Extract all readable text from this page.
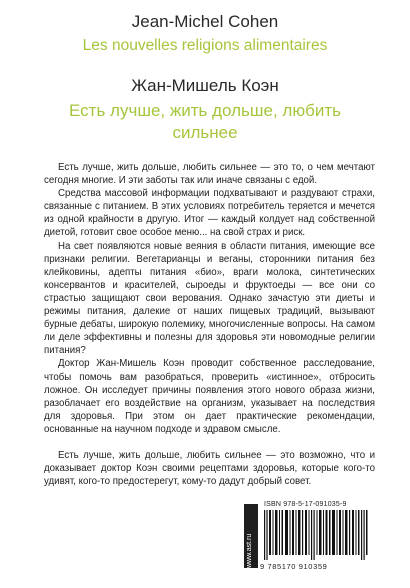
Jean-Michel Cohen
Les nouvelles religions alimentaires
Жан-Мишель Коэн
Есть лучше, жить дольше, любить сильнее

Есть лучше, жить дольше, любить сильнее — это то, о чем мечтают сегодня многие. И эти заботы так или иначе связаны с едой.

Средства массовой информации подхватывают и раздувают страхи, связанные с питанием. В этих условиях потребитель теряется и мечется из одной крайности в другую. Итог — каждый колдует над собственной диетой, готовит свое особое меню... на свой страх и риск.

На свет появляются новые веяния в области питания, имеющие все признаки религии. Вегетарианцы и веганы, сторонники питания без клейковины, адепты питания «био», враги молока, синтетических консервантов и красителей, сыроеды и фруктоеды — все они со страстью защищают свои верования. Однако зачастую эти диеты и режимы питания, далекие от наших пищевых традиций, вызывают бурные дебаты, широкую полемику, многочисленные вопросы. На самом ли деле эффективны и полезны для здоровья эти новомодные религии питания?

Доктор Жан-Мишель Коэн проводит собственное расследование, чтобы помочь вам разобраться, проверить «истинное», отбросить ложное. Он исследует причины появления этого нового образа жизни, разоблачает его воздействие на организм, указывает на последствия для здоровья. При этом он дает практические рекомендации, основанные на научном подходе и здравом смысле.

Есть лучше, жить дольше, любить сильнее — это возможно, что и доказывает доктор Коэн своими рецептами здоровья, которые кого-то удивят, кого-то предостерегут, кому-то дадут добрый совет.

www.ast.ru
ISBN 978-5-17-091035-9
9 785170 910359
